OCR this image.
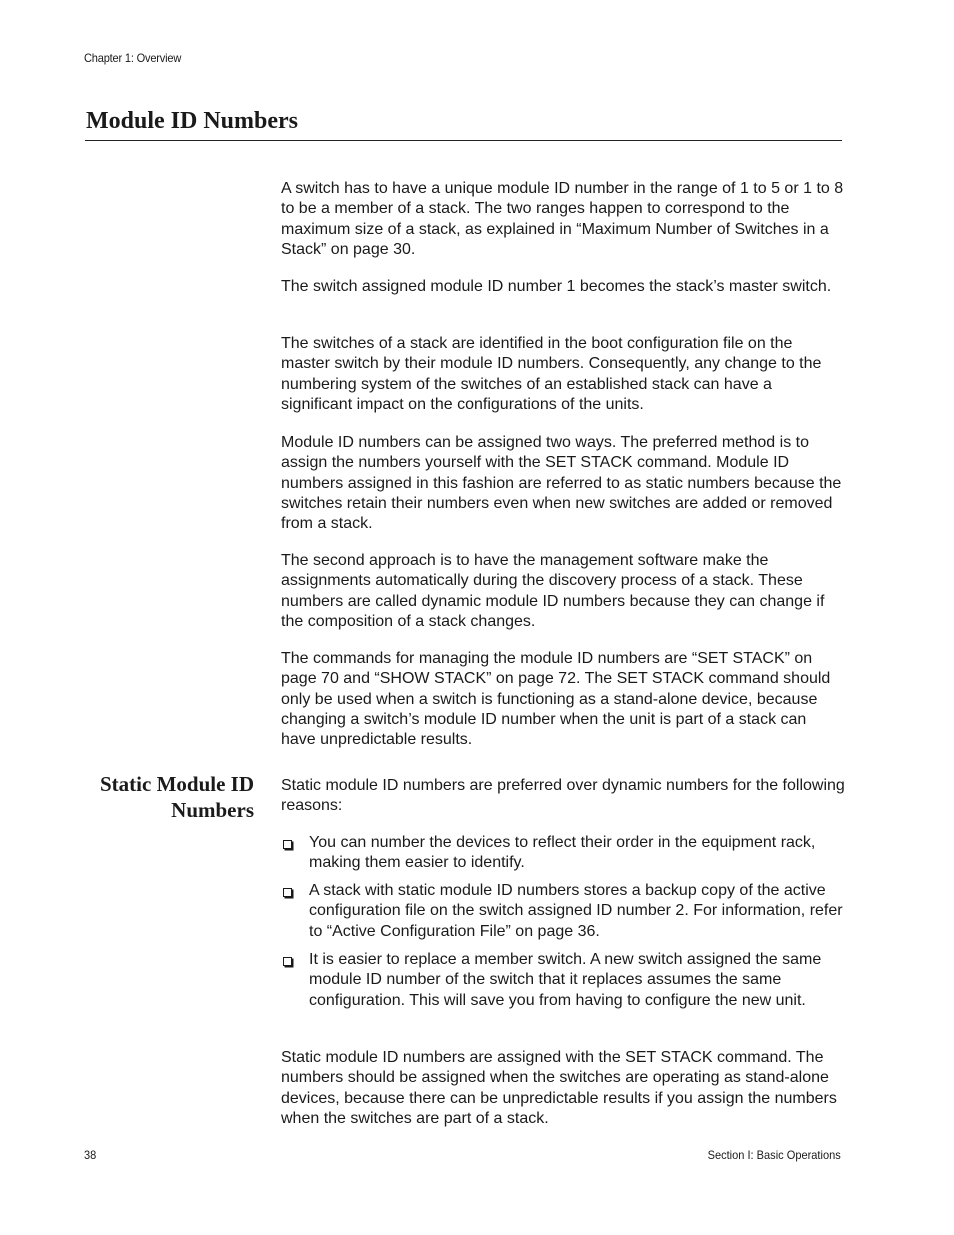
Chapter 1: Overview
Module ID Numbers

A switch has to have a unique module ID number in the range of 1 to 5 or 1 to 8 to be a member of a stack. The two ranges happen to correspond to the maximum size of a stack, as explained in “Maximum Number of Switches in a Stack” on page 30.

The switch assigned module ID number 1 becomes the stack’s master switch.

The switches of a stack are identified in the boot configuration file on the master switch by their module ID numbers. Consequently, any change to the numbering system of the switches of an established stack can have a significant impact on the configurations of the units.

Module ID numbers can be assigned two ways. The preferred method is to assign the numbers yourself with the SET STACK command. Module ID numbers assigned in this fashion are referred to as static numbers because the switches retain their numbers even when new switches are added or removed from a stack.

The second approach is to have the management software make the assignments automatically during the discovery process of a stack. These numbers are called dynamic module ID numbers because they can change if the composition of a stack changes.

The commands for managing the module ID numbers are “SET STACK” on page 70 and “SHOW STACK” on page 72. The SET STACK command should only be used when a switch is functioning as a stand-alone device, because changing a switch’s module ID number when the unit is part of a stack can have unpredictable results.

Static Module ID
Numbers

Static module ID numbers are preferred over dynamic numbers for the following reasons:

You can number the devices to reflect their order in the equipment rack, making them easier to identify.
A stack with static module ID numbers stores a backup copy of the active configuration file on the switch assigned ID number 2. For information, refer to “Active Configuration File” on page 36.
It is easier to replace a member switch. A new switch assigned the same module ID number of the switch that it replaces assumes the same configuration. This will save you from having to configure the new unit.

Static module ID numbers are assigned with the SET STACK command. The numbers should be assigned when the switches are operating as stand-alone devices, because there can be unpredictable results if you assign the numbers when the switches are part of a stack.

38	Section I: Basic Operations
